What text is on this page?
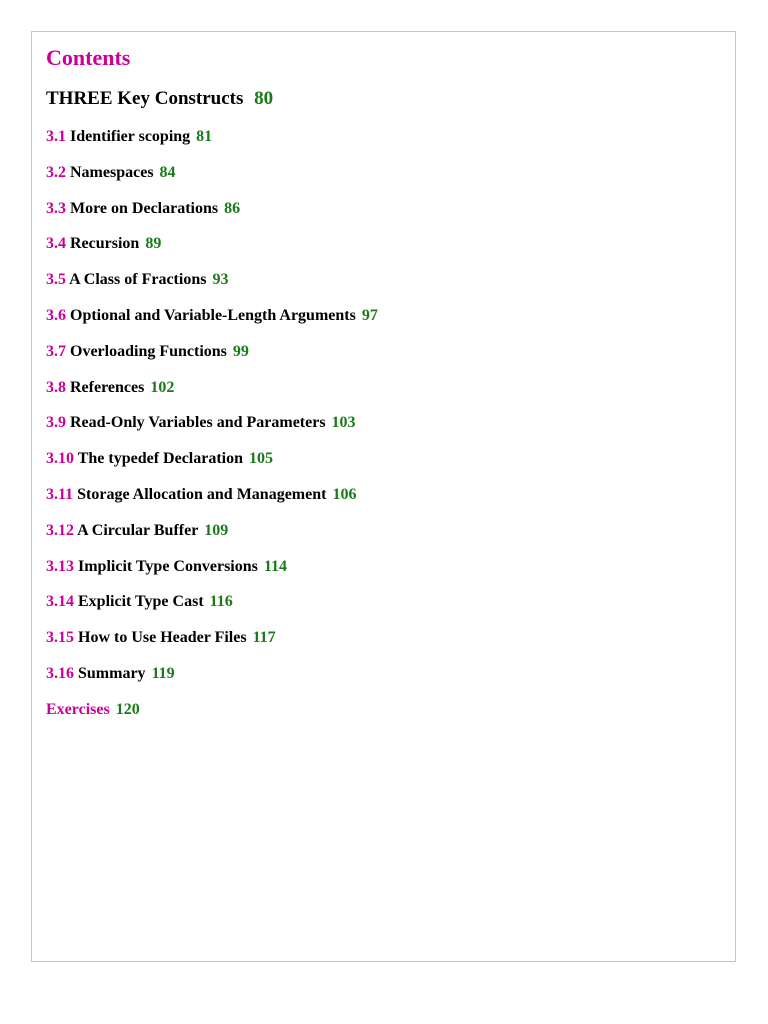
Contents
THREE Key Constructs 80
3.1 Identifier scoping 81
3.2 Namespaces 84
3.3 More on Declarations 86
3.4 Recursion 89
3.5 A Class of Fractions 93
3.6 Optional and Variable-Length Arguments 97
3.7 Overloading Functions 99
3.8 References 102
3.9 Read-Only Variables and Parameters 103
3.10 The typedef Declaration 105
3.11 Storage Allocation and Management 106
3.12 A Circular Buffer 109
3.13 Implicit Type Conversions 114
3.14 Explicit Type Cast 116
3.15 How to Use Header Files 117
3.16 Summary 119
Exercises 120
